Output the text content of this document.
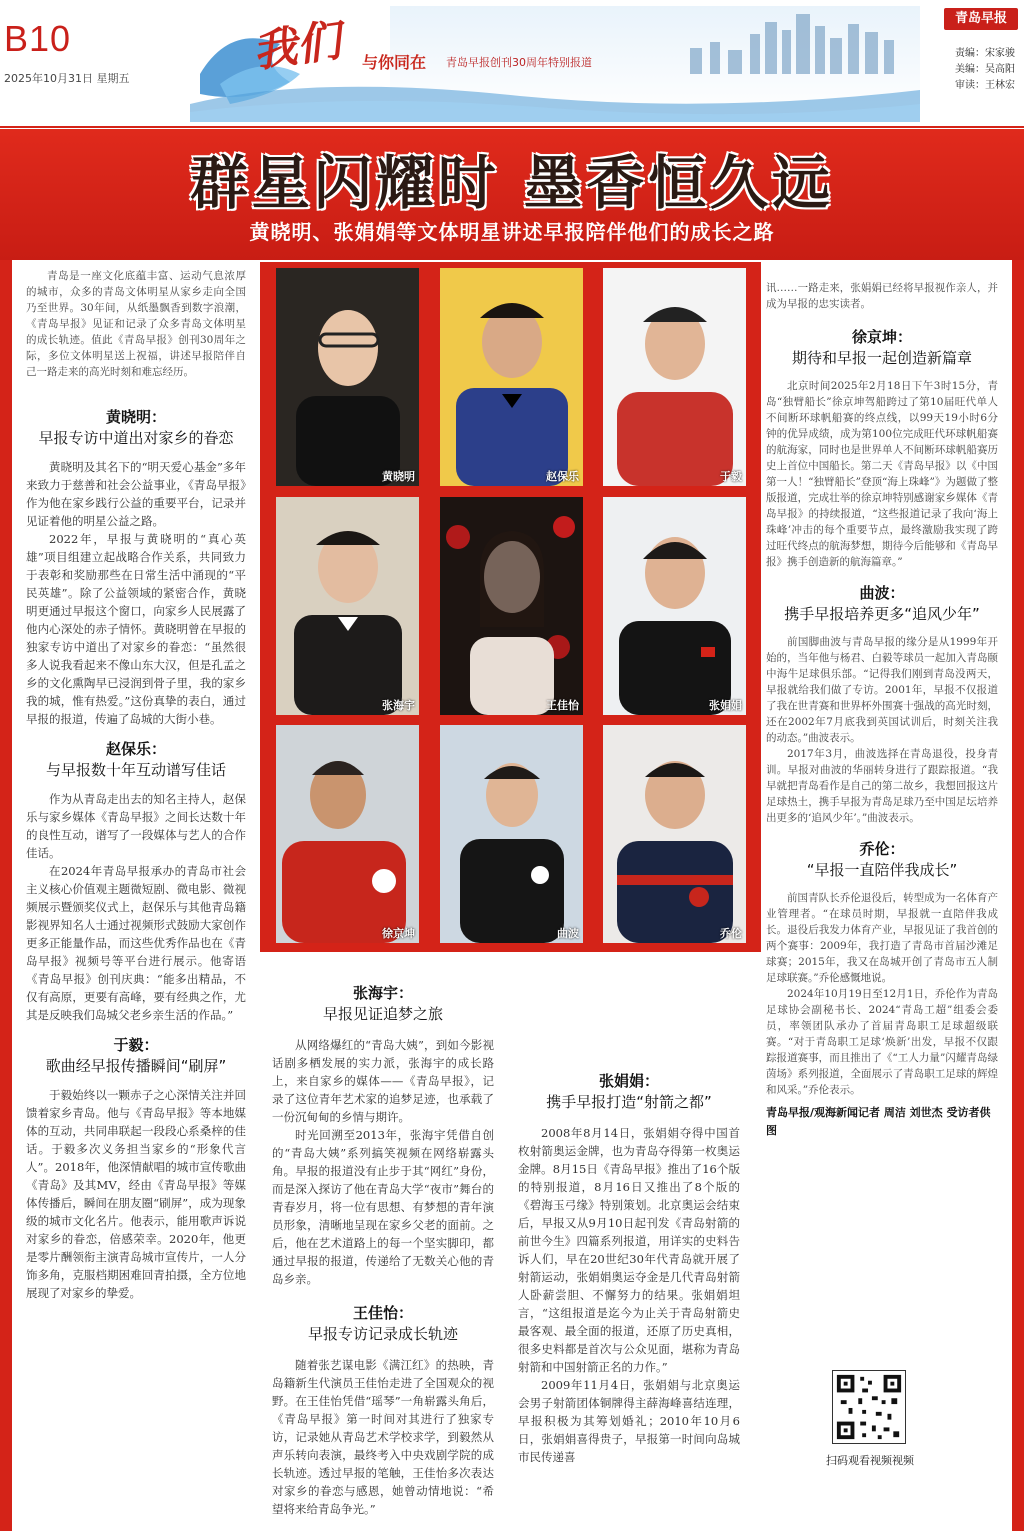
B10
2025年10月31日 星期五
我们 与你同在 青岛早报创刊30周年特别报道
青岛早报
责编：宋家骏
美编：吴高阳
审读：王林宏
群星闪耀时 墨香恒久远
黄晓明、张娟娟等文体明星讲述早报陪伴他们的成长之路

青岛是一座文化底蕴丰富、运动气息浓厚的城市，众多的青岛文体明星从家乡走向全国乃至世界。30年间，从纸墨飘香到数字浪潮，《青岛早报》见证和记录了众多青岛文体明星的成长轨迹。值此《青岛早报》创刊30周年之际，多位文体明星送上祝福，讲述早报陪伴自己一路走来的高光时刻和难忘经历。

黄晓明：
早报专访中道出对家乡的眷恋

黄晓明及其名下的“明天爱心基金”多年来致力于慈善和社会公益事业，《青岛早报》作为他在家乡践行公益的重要平台，记录并见证着他的明星公益之路。

2022年，早报与黄晓明的“真心英雄”项目组建立起战略合作关系，共同致力于表彰和奖励那些在日常生活中涌现的“平民英雄”。除了公益领域的紧密合作，黄晓明更通过早报这个窗口，向家乡人民展露了他内心深处的赤子情怀。黄晓明曾在早报的独家专访中道出了对家乡的眷恋：“虽然很多人说我看起来不像山东大汉，但是孔孟之乡的文化熏陶早已浸润到骨子里，我的家乡我的城，惟有热爱。”这份真挚的表白，通过早报的报道，传遍了岛城的大街小巷。

赵保乐：
与早报数十年互动谱写佳话

作为从青岛走出去的知名主持人，赵保乐与家乡媒体《青岛早报》之间长达数十年的良性互动，谱写了一段媒体与艺人的合作佳话。

在2024年青岛早报承办的青岛市社会主义核心价值观主题微短剧、微电影、微视频展示暨颁奖仪式上，赵保乐与其他青岛籍影视界知名人士通过视频形式鼓励大家创作更多正能量作品，而这些优秀作品也在《青岛早报》视频号等平台进行展示。他寄语《青岛早报》创刊庆典：“能多出精品，不仅有高原，更要有高峰，要有经典之作，尤其是反映我们岛城父老乡亲生活的作品。”

于毅：
歌曲经早报传播瞬间“刷屏”

于毅始终以一颗赤子之心深情关注并回馈着家乡青岛。他与《青岛早报》等本地媒体的互动，共同串联起一段段心系桑梓的佳话。于毅多次义务担当家乡的“形象代言人”。2018年，他深情献唱的城市宣传歌曲《青岛》及其MV，经由《青岛早报》等媒体传播后，瞬间在朋友圈“刷屏”，成为现象级的城市文化名片。他表示，能用歌声诉说对家乡的眷恋，倍感荣幸。2020年，他更是零片酬领衔主演青岛城市宣传片，一人分饰多角，克服档期困难回青拍摄，全方位地展现了对家乡的挚爱。

黄晓明	赵保乐	于毅
张海宇	王佳怡	张娟娟
徐京坤	曲波	乔伦
张海宇：
早报见证追梦之旅

从网络爆红的“青岛大姨”，到如今影视话剧多栖发展的实力派，张海宇的成长路上，来自家乡的媒体——《青岛早报》，记录了这位青年艺术家的追梦足迹，也承载了一份沉甸甸的乡情与期许。

时光回溯至2013年，张海宇凭借自创的“青岛大姨”系列搞笑视频在网络崭露头角。早报的报道没有止步于其“网红”身份，而是深入探访了他在青岛大学“夜市”舞台的青春岁月，将一位有思想、有梦想的青年演员形象，清晰地呈现在家乡父老的面前。之后，他在艺术道路上的每一个坚实脚印，都通过早报的报道，传递给了无数关心他的青岛乡亲。

王佳怡：
早报专访记录成长轨迹

随着张艺谋电影《满江红》的热映，青岛籍新生代演员王佳怡走进了全国观众的视野。在王佳怡凭借“瑶琴”一角崭露头角后，《青岛早报》第一时间对其进行了独家专访，记录她从青岛艺术学校求学，到毅然从声乐转向表演，最终考入中央戏剧学院的成长轨迹。透过早报的笔触，王佳怡多次表达对家乡的眷恋与感恩，她曾动情地说：“希望将来给青岛争光。”

张娟娟：
携手早报打造“射箭之都”

2008年8月14日，张娟娟夺得中国首枚射箭奥运金牌，也为青岛夺得第一枚奥运金牌。8月15日《青岛早报》推出了16个版的特别报道，8月16日又推出了8个版的《碧海玉弓缘》特别策划。北京奥运会结束后，早报又从9月10日起刊发《青岛射箭的前世今生》四篇系列报道，用详实的史料告诉人们，早在20世纪30年代青岛就开展了射箭运动，张娟娟奥运夺金是几代青岛射箭人卧薪尝胆、不懈努力的结果。张娟娟坦言，“这组报道是迄今为止关于青岛射箭史最客观、最全面的报道，还原了历史真相，很多史料都是首次与公众见面，堪称为青岛射箭和中国射箭正名的力作。”

2009年11月4日，张娟娟与北京奥运会男子射箭团体铜牌得主薛海峰喜结连理，早报积极为其筹划婚礼；2010年10月6日，张娟娟喜得贵子，早报第一时间向岛城市民传递喜

讯……一路走来，张娟娟已经将早报视作亲人，并成为早报的忠实读者。

徐京坤：
期待和早报一起创造新篇章

北京时间2025年2月18日下午3时15分，青岛“独臂船长”徐京坤驾船跨过了第10届旺代单人不间断环球帆船赛的终点线，以99天19小时6分钟的优异成绩，成为第100位完成旺代环球帆船赛的航海家，同时也是世界单人不间断环球帆船赛历史上首位中国船长。第二天《青岛早报》以《中国第一人！“独臂船长”登顶“海上珠峰”》为题做了整版报道，完成壮举的徐京坤特别感谢家乡媒体《青岛早报》的持续报道，“这些报道记录了我向‘海上珠峰’冲击的每个重要节点，最终激励我实现了跨过旺代终点的航海梦想，期待今后能够和《青岛早报》携手创造新的航海篇章。”

曲波：
携手早报培养更多“追风少年”

前国脚曲波与青岛早报的缘分是从1999年开始的，当年他与杨君、白毅等球员一起加入青岛颐中海牛足球俱乐部。“记得我们刚到青岛没两天，早报就给我们做了专访。2001年，早报不仅报道了我在世青赛和世界杯外围赛十强战的高光时刻，还在2002年7月底我到英国试训后，时刻关注我的动态。”曲波表示。

2017年3月，曲波选择在青岛退役，投身青训。早报对曲波的华丽转身进行了跟踪报道。“我早就把青岛看作是自己的第二故乡，我想回报这片足球热土，携手早报为青岛足球乃至中国足坛培养出更多的‘追风少年’。”曲波表示。

乔伦：
“早报一直陪伴我成长”

前国青队长乔伦退役后，转型成为一名体育产业管理者。“在球员时期，早报就一直陪伴我成长。退役后我发力体育产业，早报见证了我首创的两个赛事：2009年，我打造了青岛市首届沙滩足球赛；2015年，我又在岛城开创了青岛市五人制足球联赛。”乔伦感慨地说。

2024年10月19日至12月1日，乔伦作为青岛足球协会副秘书长、2024“青岛工超”组委会委员，率领团队承办了首届青岛职工足球超级联赛。“对于青岛职工足球‘焕新’出发，早报不仅跟踪报道赛事，而且推出了《“工人力量”闪耀青岛绿茵场》系列报道，全面展示了青岛职工足球的辉煌和风采。”乔伦表示。

青岛早报/观海新闻记者 周洁 刘世杰 受访者供图

扫码观看视频视频
